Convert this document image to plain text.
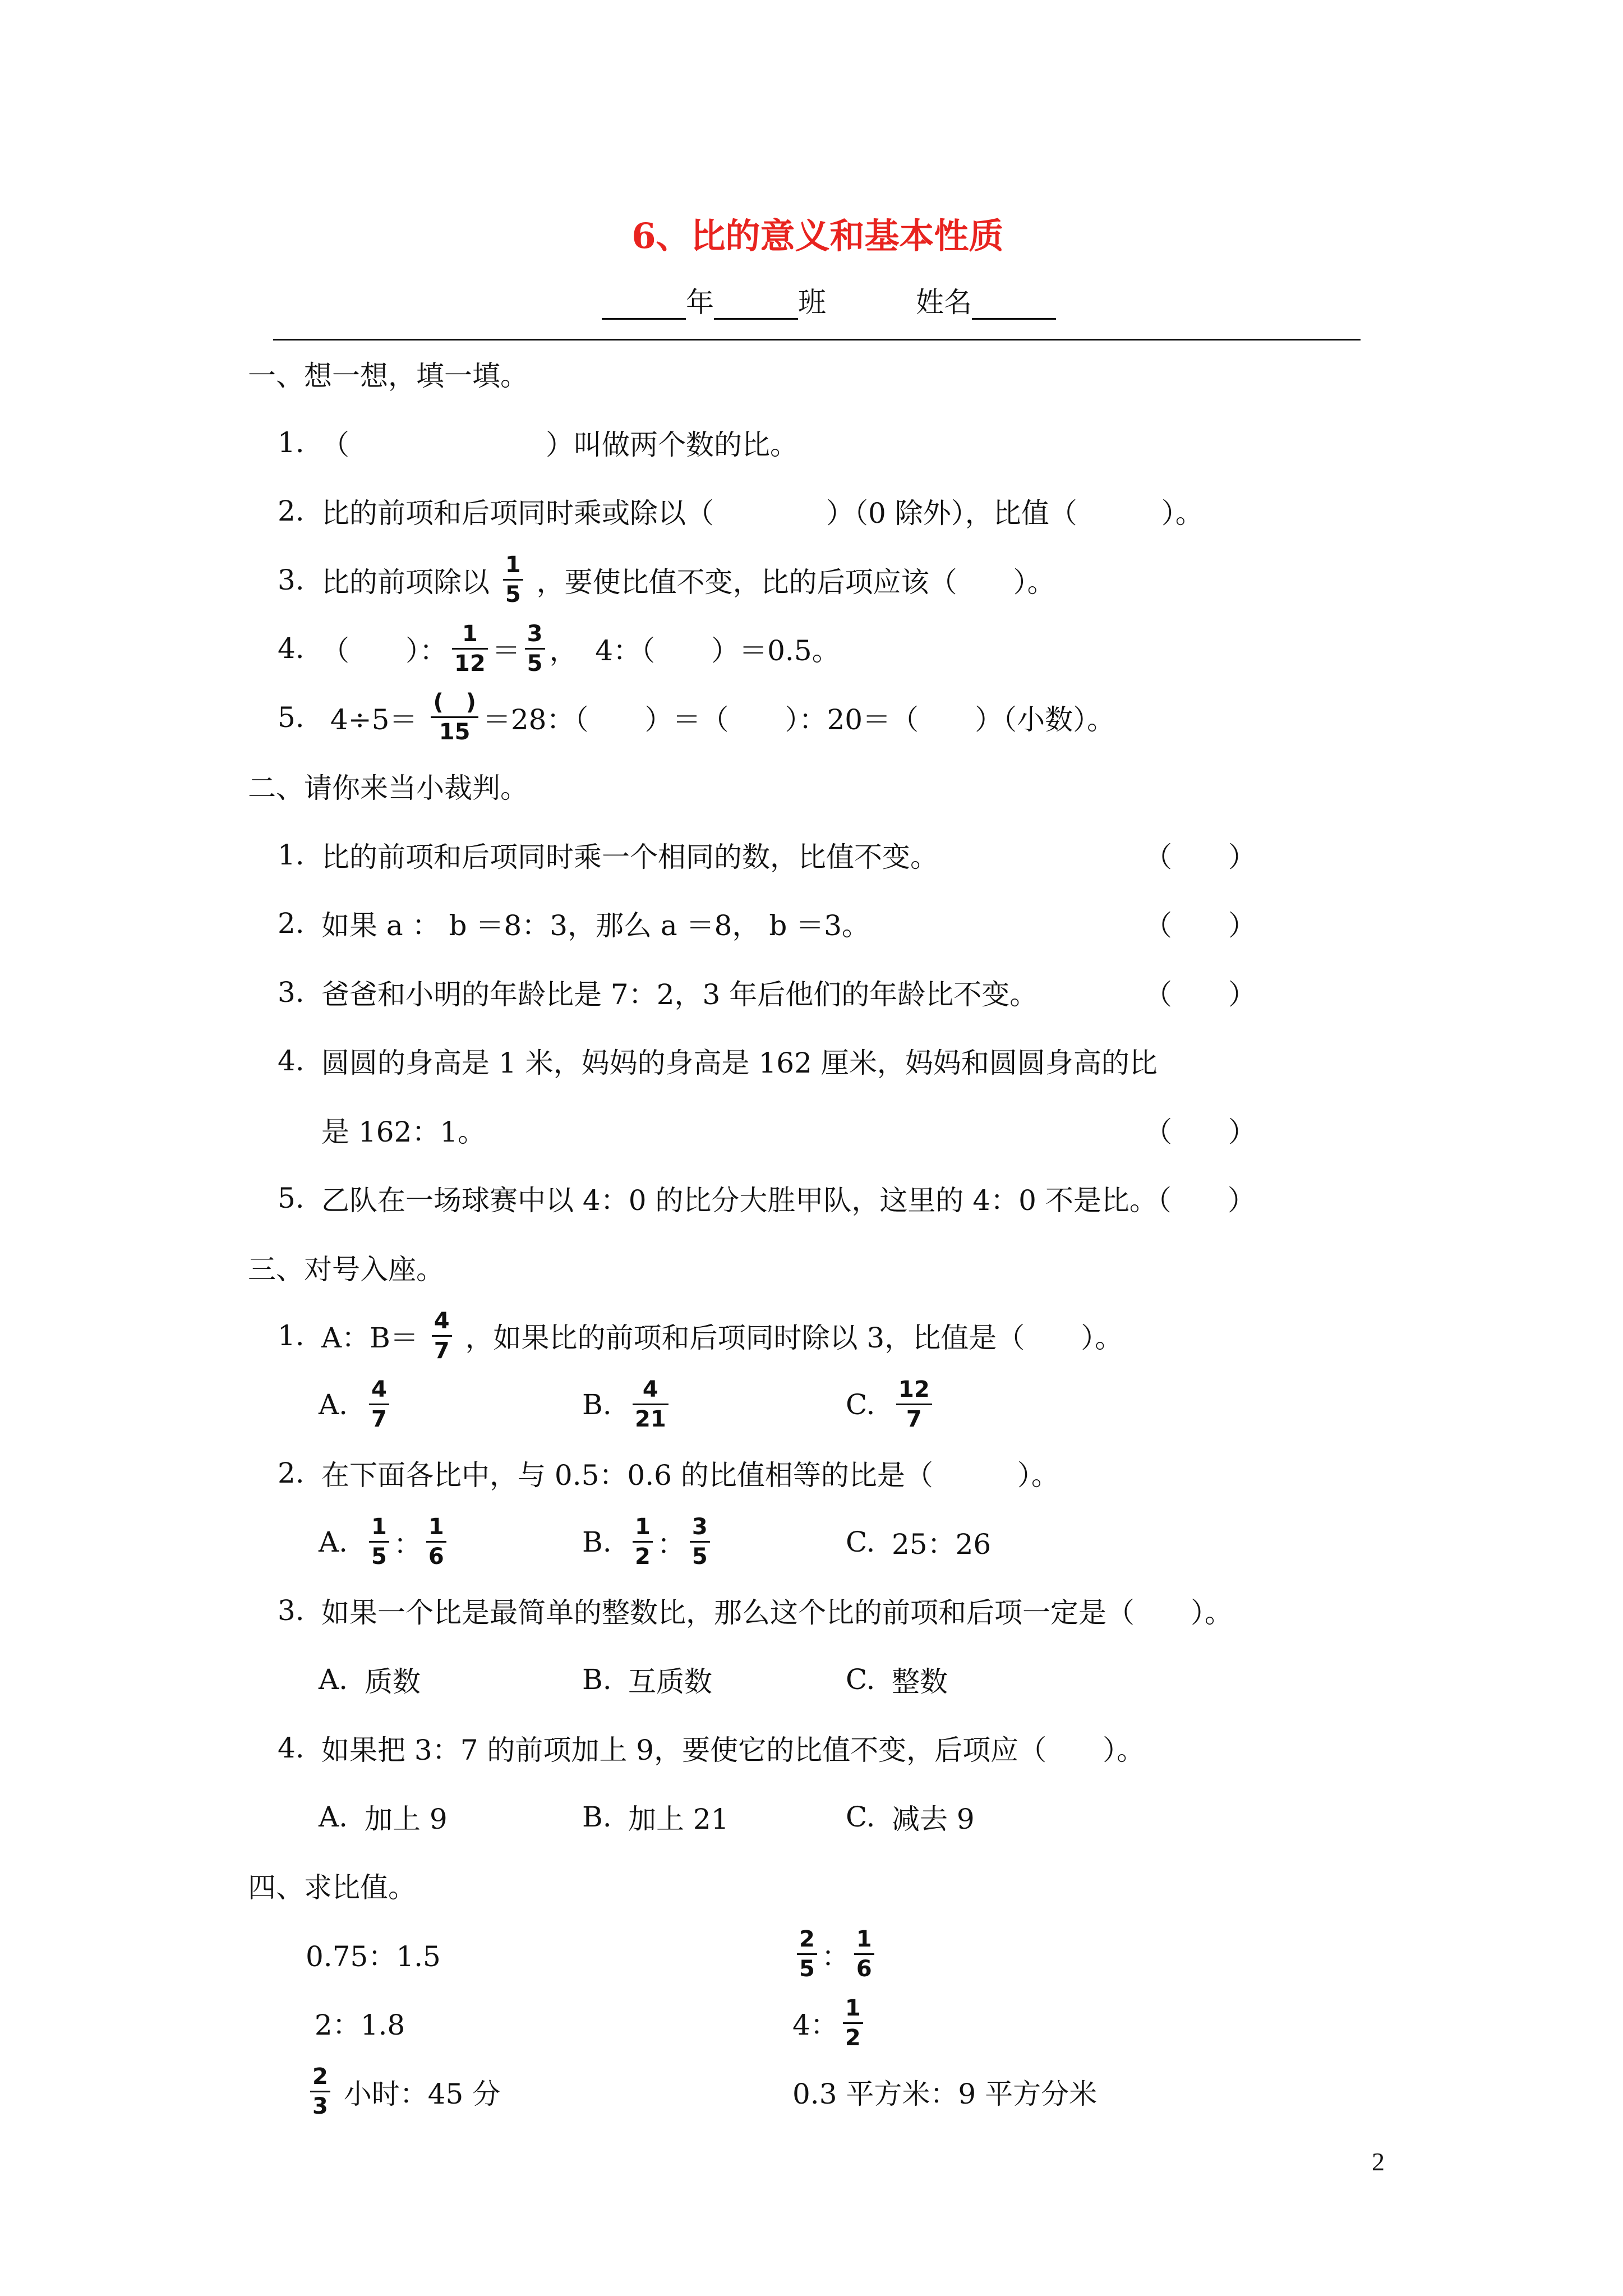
6、比的意义和基本性质
年	班	姓名
一、想一想，填一填。
1. （　　　　　　　）叫做两个数的比。
2. 比的前项和后项同时乘或除以（　　　　）（0 除外），比值（　　　）。
3. 比的前项除以 $\frac{1}{5}$ ，要使比值不变，比的后项应该（　　）。
4. （　　）： $\frac{1}{12} = \frac{3}{5}$ ，  4：（　　）＝0.5。
5. $4\div 5= \frac{( )}{15} =28$：（　　）＝（　　）：20＝（　　）（小数）。
二、请你来当小裁判。
1. 比的前项和后项同时乘一个相同的数，比值不变。	（　　）
2. 如果 a ： b ＝8：3，那么 a ＝8， b ＝3。	（　　）
3. 爸爸和小明的年龄比是 7：2，3 年后他们的年龄比不变。	（　　）
4. 圆圆的身高是 1 米，妈妈的身高是 162 厘米，妈妈和圆圆身高的比
是 162：1。	（　　）
5. 乙队在一场球赛中以 4：0 的比分大胜甲队，这里的 4：0 不是比。（　　）
三、对号入座。
1. A：$B= \frac{4}{7}$ ，如果比的前项和后项同时除以 3，比值是（　　）。
A. $\frac{4}{7}$	B. $\frac{4}{21}$	C. $\frac{12}{7}$
2. 在下面各比中，与 0.5：0.6 的比值相等的比是（　　　）。
A. $\frac{1}{5}$ ： $\frac{1}{6}$	B. $\frac{1}{2}$ ： $\frac{3}{5}$	C. 25：26
3. 如果一个比是最简单的整数比，那么这个比的前项和后项一定是（　　）。
A. 质数	B. 互质数	C. 整数
4. 如果把 3：7 的前项加上 9，要使它的比值不变，后项应（　　）。
A. 加上 9	B. 加上 21	C. 减去 9
四、求比值。
0.75：1.5	$\frac{2}{5}$ ： $\frac{1}{6}$
2：1.8	4： $\frac{1}{2}$
$\frac{2}{3}$ 小时：45 分	0.3 平方米：9 平方分米
2
